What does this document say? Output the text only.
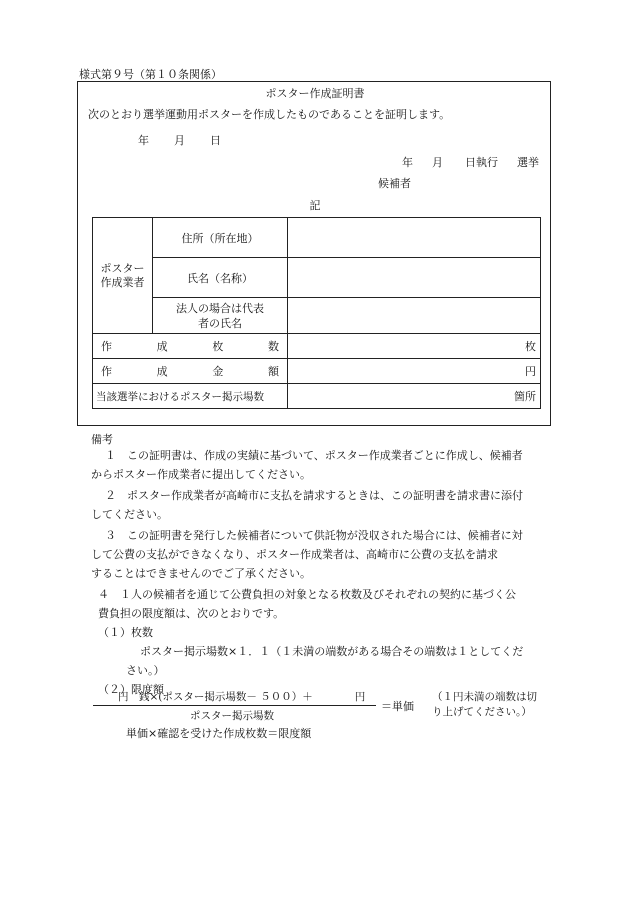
様式第９号（第１０条関係）
ポスター作成証明書
次のとおり選挙運動用ポスターを作成したものであることを証明します。
年 月 日
年 月 日執行 選挙
候補者
記
ポスター作成業者	住所（所在地）	
	氏名（名称）	
	法人の場合は代表
者の氏名	
作成枚数		枚
作成金額		円
当該選挙におけるポスター掲示場数		箇所
備考
１　この証明書は、作成の実績に基づいて、ポスター作成業者ごとに作成し、候補者
からポスター作成業者に提出してください。
２　ポスター作成業者が高崎市に支払を請求するときは、この証明書を請求書に添付
してください。
３　この証明書を発行した候補者について供託物が没収された場合には、候補者に対
して公費の支払ができなくなり、ポスター作成業者は、高崎市に公費の支払を請求
することはできませんのでご了承ください。
４　１人の候補者を通じて公費負担の対象となる枚数及びそれぞれの契約に基づく公
費負担の限度額は、次のとおりです。
（１）枚数
ポスター掲示場数×１．１（１未満の端数がある場合その端数は１としてくだ
さい。）
（２）限度額
円　銭×(ポスター掲示場数－ ５００）＋　　　　円
ポスター掲示場数
＝単価
（１円未満の端数は切
り上げてください。）
単価×確認を受けた作成枚数＝限度額
